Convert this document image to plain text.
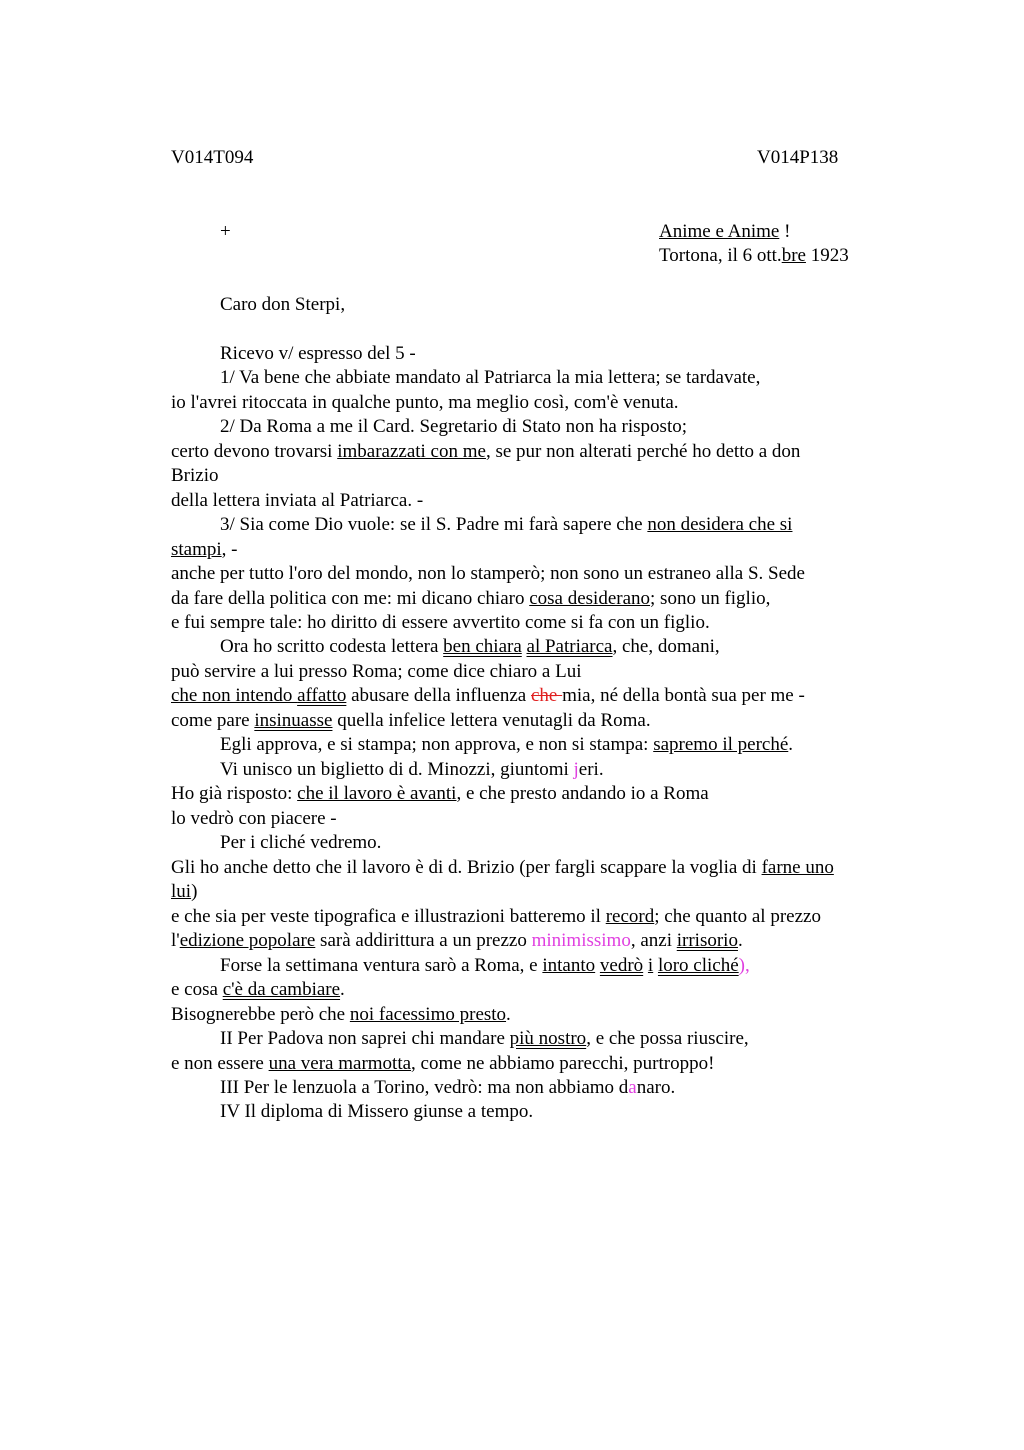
V014T094	V014P138
+	Anime e Anime !
Tortona, il 6 ott.bre 1923
Caro don Sterpi,
Ricevo v/ espresso del 5 -
1/ Va bene che abbiate mandato al Patriarca la mia lettera; se tardavate,
io l'avrei ritoccata in qualche punto, ma meglio così, com'è venuta.
2/ Da Roma a me il Card. Segretario di Stato non ha risposto;
certo devono trovarsi imbarazzati con me, se pur non alterati perché ho detto a don
Brizio
della lettera inviata al Patriarca. -
3/ Sia come Dio vuole: se il S. Padre mi farà sapere che non desidera che si
stampi, -
anche per tutto l'oro del mondo, non lo stamperò; non sono un estraneo alla S. Sede
da fare della politica con me: mi dicano chiaro cosa desiderano; sono un figlio,
e fui sempre tale: ho diritto di essere avvertito come si fa con un figlio.
Ora ho scritto codesta lettera ben chiara al Patriarca, che, domani,
può servire a lui presso Roma; come dice chiaro a Lui
che non intendo affatto abusare della influenza che mia, né della bontà sua per me -
come pare insinuasse quella infelice lettera venutagli da Roma.
Egli approva, e si stampa; non approva, e non si stampa: sapremo il perché.
Vi unisco un biglietto di d. Minozzi, giuntomi jeri.
Ho già risposto: che il lavoro è avanti, e che presto andando io a Roma
lo vedrò con piacere -
Per i cliché vedremo.
Gli ho anche detto che il lavoro è di d. Brizio (per fargli scappare la voglia di farne uno
lui)
e che sia per veste tipografica e illustrazioni batteremo il record; che quanto al prezzo
l'edizione popolare sarà addirittura a un prezzo minimissimo, anzi irrisorio.
Forse la settimana ventura sarò a Roma, e intanto vedrò i loro cliché),
e cosa c'è da cambiare.
Bisognerebbe però che noi facessimo presto.
II Per Padova non saprei chi mandare più nostro, e che possa riuscire,
e non essere una vera marmotta, come ne abbiamo parecchi, purtroppo!
III Per le lenzuola a Torino, vedrò: ma non abbiamo danaro.
IV Il diploma di Missero giunse a tempo.
